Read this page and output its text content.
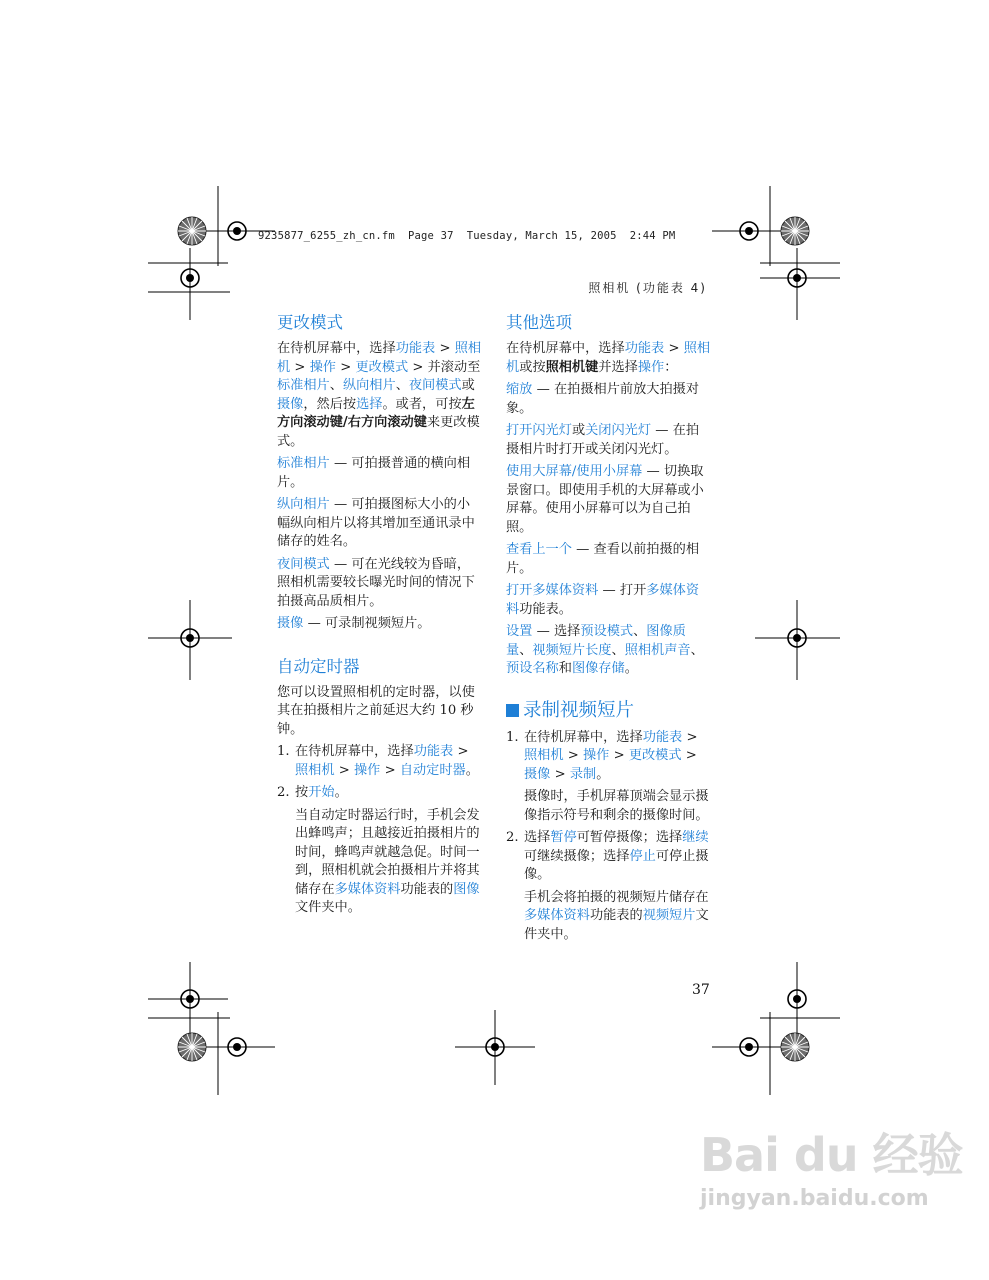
9235877_6255_zh_cn.fm  Page 37  Tuesday, March 15, 2005  2:44 PM
照相机 (功能表 4)
更改模式

在待机屏幕中，选择功能表 > 照相机 > 操作 > 更改模式 > 并滚动至标准相片、纵向相片、夜间模式或摄像，然后按选择。或者，可按左方向滚动键/右方向滚动键来更改模式。

标准相片 — 可拍摄普通的横向相片。

纵向相片 — 可拍摄图标大小的小幅纵向相片以将其增加至通讯录中储存的姓名。

夜间模式 — 可在光线较为昏暗，照相机需要较长曝光时间的情况下拍摄高品质相片。

摄像 — 可录制视频短片。

自动定时器

您可以设置照相机的定时器，以使其在拍摄相片之前延迟大约 10 秒钟。

1. 在待机屏幕中，选择功能表 > 照相机 > 操作 > 自动定时器。
2. 按开始。
当自动定时器运行时，手机会发出蜂鸣声；且越接近拍摄相片的时间，蜂鸣声就越急促。时间一到，照相机就会拍摄相片并将其储存在多媒体资料功能表的图像文件夹中。
其他选项

在待机屏幕中，选择功能表 > 照相机或按照相机键并选择操作：

缩放 — 在拍摄相片前放大拍摄对象。

打开闪光灯或关闭闪光灯 — 在拍摄相片时打开或关闭闪光灯。

使用大屏幕/使用小屏幕 — 切换取景窗口。即使用手机的大屏幕或小屏幕。使用小屏幕可以为自己拍照。

查看上一个 — 查看以前拍摄的相片。

打开多媒体资料 — 打开多媒体资料功能表。

设置 — 选择预设模式、图像质量、视频短片长度、照相机声音、预设名称和图像存储。

录制视频短片
1. 在待机屏幕中，选择功能表 > 照相机 > 操作 > 更改模式 > 摄像 > 录制。
摄像时，手机屏幕顶端会显示摄像指示符号和剩余的摄像时间。
2. 选择暂停可暂停摄像；选择继续可继续摄像；选择停止可停止摄像。
手机会将拍摄的视频短片储存在多媒体资料功能表的视频短片文件夹中。
37
Bai du 经验
jingyan.baidu.com
